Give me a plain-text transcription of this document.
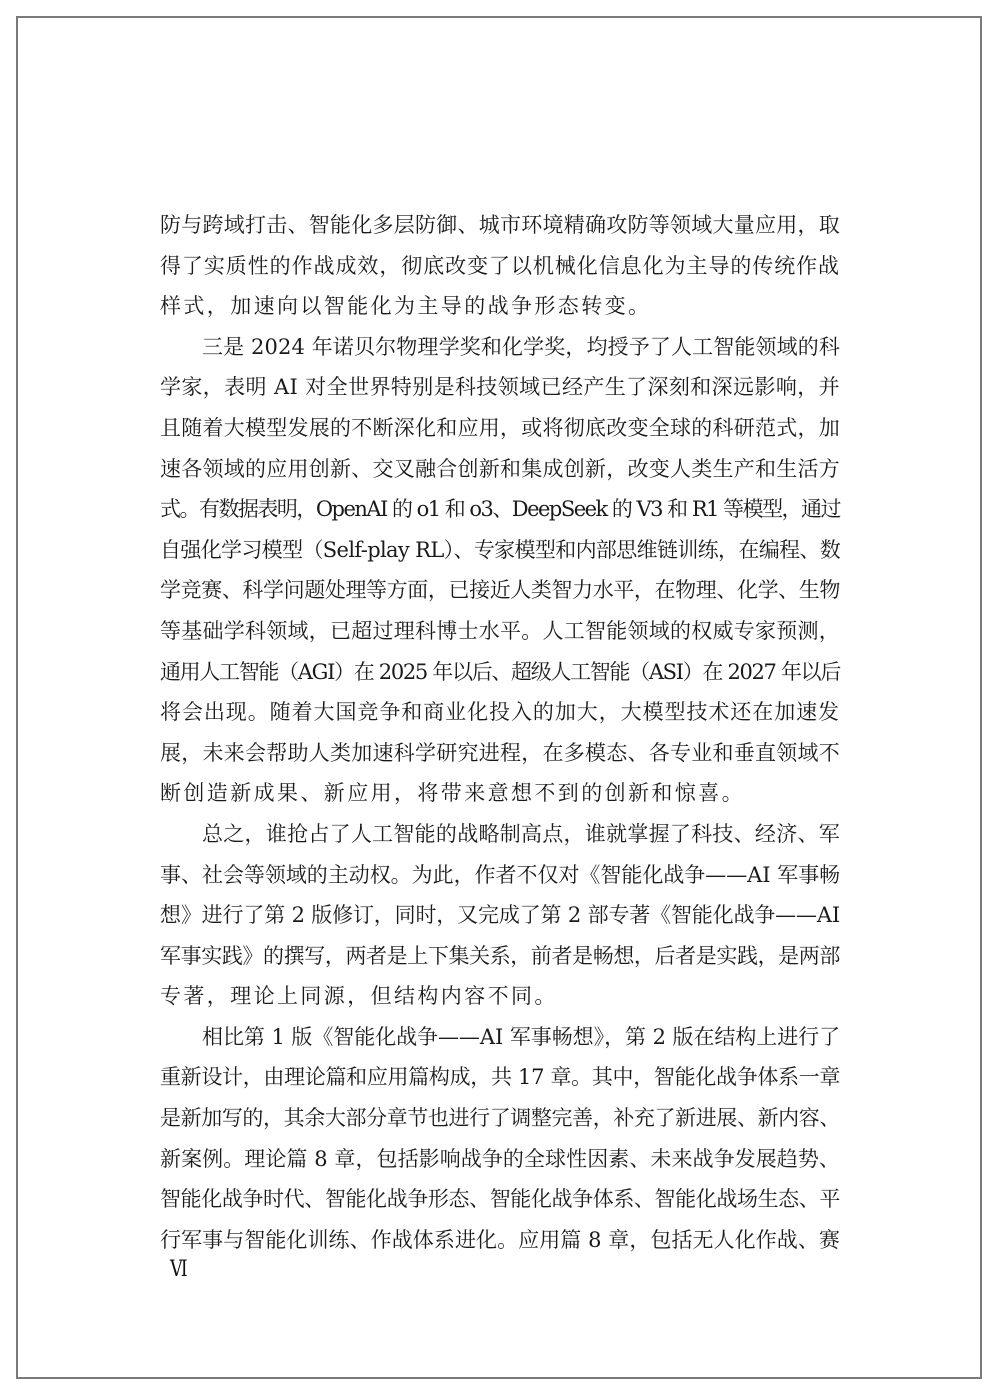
防与跨域打击、智能化多层防御、城市环境精确攻防等领域大量应用，取
得了实质性的作战成效，彻底改变了以机械化信息化为主导的传统作战
样式，加速向以智能化为主导的战争形态转变。
三是 2024 年诺贝尔物理学奖和化学奖，均授予了人工智能领域的科
学家，表明 AI 对全世界特别是科技领域已经产生了深刻和深远影响，并
且随着大模型发展的不断深化和应用，或将彻底改变全球的科研范式，加
速各领域的应用创新、交叉融合创新和集成创新，改变人类生产和生活方
式。有数据表明，OpenAI 的 o1 和 o3、DeepSeek 的 V3 和 R1 等模型，通过
自强化学习模型（Self-play RL）、专家模型和内部思维链训练，在编程、数
学竞赛、科学问题处理等方面，已接近人类智力水平，在物理、化学、生物
等基础学科领域，已超过理科博士水平。人工智能领域的权威专家预测，
通用人工智能（AGI）在 2025 年以后、超级人工智能（ASI）在 2027 年以后
将会出现。随着大国竞争和商业化投入的加大，大模型技术还在加速发
展，未来会帮助人类加速科学研究进程，在多模态、各专业和垂直领域不
断创造新成果、新应用，将带来意想不到的创新和惊喜。
总之，谁抢占了人工智能的战略制高点，谁就掌握了科技、经济、军
事、社会等领域的主动权。为此，作者不仅对《智能化战争——AI 军事畅
想》进行了第 2 版修订，同时，又完成了第 2 部专著《智能化战争——AI
军事实践》的撰写，两者是上下集关系，前者是畅想，后者是实践，是两部
专著，理论上同源，但结构内容不同。
相比第 1 版《智能化战争——AI 军事畅想》，第 2 版在结构上进行了
重新设计，由理论篇和应用篇构成，共 17 章。其中，智能化战争体系一章
是新加写的，其余大部分章节也进行了调整完善，补充了新进展、新内容、
新案例。理论篇 8 章，包括影响战争的全球性因素、未来战争发展趋势、
智能化战争时代、智能化战争形态、智能化战争体系、智能化战场生态、平
行军事与智能化训练、作战体系进化。应用篇 8 章，包括无人化作战、赛
Ⅵ
